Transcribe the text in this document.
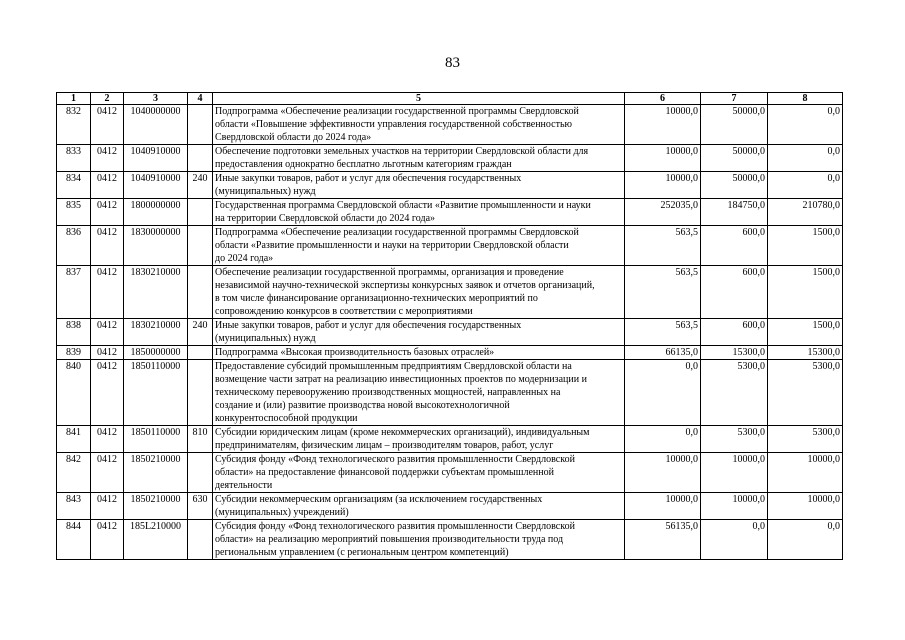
83
1	2	3	4	5	6	7	8
832	0412	1040000000		Подпрограмма «Обеспечение реализации государственной программы Свердловской
области «Повышение эффективности управления государственной собственностью
Свердловской области до 2024 года»	10000,0	50000,0	0,0
833	0412	1040910000		Обеспечение подготовки земельных участков на территории Свердловской области для
предоставления однократно бесплатно льготным категориям граждан	10000,0	50000,0	0,0
834	0412	1040910000	240	Иные закупки товаров, работ и услуг для обеспечения государственных
(муниципальных) нужд	10000,0	50000,0	0,0
835	0412	1800000000		Государственная программа Свердловской области «Развитие промышленности и науки
на территории Свердловской области до 2024 года»	252035,0	184750,0	210780,0
836	0412	1830000000		Подпрограмма «Обеспечение реализации государственной программы Свердловской
области «Развитие промышленности и науки на территории Свердловской области
до 2024 года»	563,5	600,0	1500,0
837	0412	1830210000		Обеспечение реализации государственной программы, организация и проведение
независимой научно-технической экспертизы конкурсных заявок и отчетов организаций,
в том числе финансирование организационно-технических мероприятий по
сопровождению конкурсов в соответствии с мероприятиями	563,5	600,0	1500,0
838	0412	1830210000	240	Иные закупки товаров, работ и услуг для обеспечения государственных
(муниципальных) нужд	563,5	600,0	1500,0
839	0412	1850000000		Подпрограмма «Высокая производительность базовых отраслей»	66135,0	15300,0	15300,0
840	0412	1850110000		Предоставление субсидий промышленным предприятиям Свердловской области на
возмещение части затрат на реализацию инвестиционных проектов по модернизации и
техническому перевооружению производственных мощностей, направленных на
создание и (или) развитие производства новой высокотехнологичной
конкурентоспособной продукции	0,0	5300,0	5300,0
841	0412	1850110000	810	Субсидии юридическим лицам (кроме некоммерческих организаций), индивидуальным
предпринимателям, физическим лицам – производителям товаров, работ, услуг	0,0	5300,0	5300,0
842	0412	1850210000		Субсидия фонду «Фонд технологического развития промышленности Свердловской
области» на предоставление финансовой поддержки субъектам промышленной
деятельности	10000,0	10000,0	10000,0
843	0412	1850210000	630	Субсидии некоммерческим организациям (за исключением государственных
(муниципальных) учреждений)	10000,0	10000,0	10000,0
844	0412	185L210000		Субсидия фонду «Фонд технологического развития промышленности Свердловской
области» на реализацию мероприятий повышения производительности труда под
региональным управлением (с региональным центром компетенций)	56135,0	0,0	0,0
